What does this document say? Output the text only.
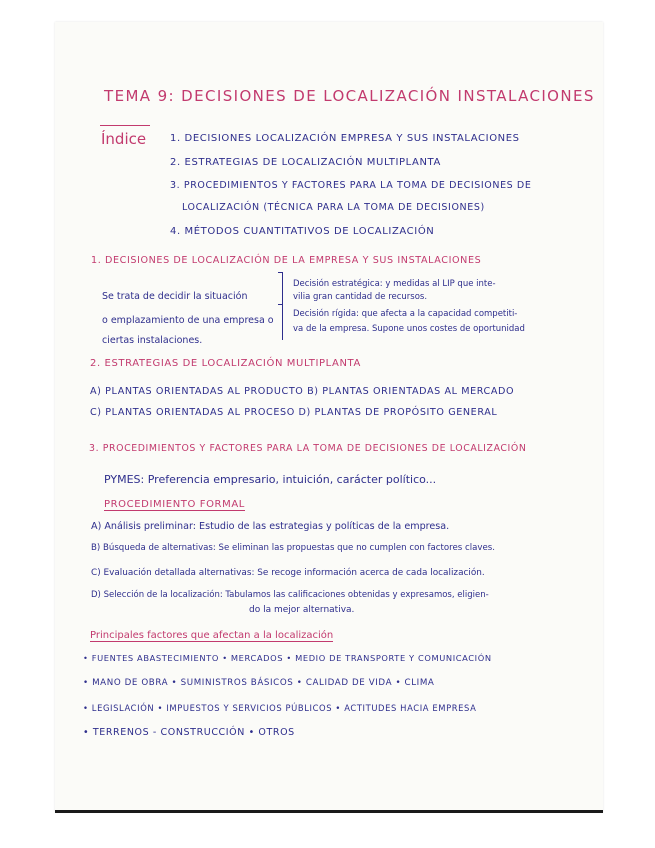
TEMA 9: DECISIONES DE LOCALIZACIÓN INSTALACIONES
Índice 1. DECISIONES LOCALIZACIÓN EMPRESA Y SUS INSTALACIONES
2. ESTRATEGIAS DE LOCALIZACIÓN MULTIPLANTA
3. PROCEDIMIENTOS Y FACTORES PARA LA TOMA DE DECISIONES DE
LOCALIZACIÓN (TÉCNICA PARA LA TOMA DE DECISIONES)
4. MÉTODOS CUANTITATIVOS DE LOCALIZACIÓN
1. DECISIONES DE LOCALIZACIÓN DE LA EMPRESA Y SUS INSTALACIONES
Se trata de decidir la situación
o emplazamiento de una empresa o
ciertas instalaciones.
Decisión estratégica: y medidas al LIP que inte-
vilia gran cantidad de recursos.
Decisión rígida: que afecta a la capacidad competiti-
va de la empresa. Supone unos costes de oportunidad
2. ESTRATEGIAS DE LOCALIZACIÓN MULTIPLANTA
A) PLANTAS ORIENTADAS AL PRODUCTO B) PLANTAS ORIENTADAS AL MERCADO
C) PLANTAS ORIENTADAS AL PROCESO D) PLANTAS DE PROPÓSITO GENERAL
3. PROCEDIMIENTOS Y FACTORES PARA LA TOMA DE DECISIONES DE LOCALIZACIÓN
PYMES: Preferencia empresario, intuición, carácter político...
PROCEDIMIENTO FORMAL
A) Análisis preliminar: Estudio de las estrategias y políticas de la empresa.
B) Búsqueda de alternativas: Se eliminan las propuestas que no cumplen con factores claves.
C) Evaluación detallada alternativas: Se recoge información acerca de cada localización.
D) Selección de la localización: Tabulamos las calificaciones obtenidas y expresamos, eligien-
do la mejor alternativa.
Principales factores que afectan a la localización
• FUENTES ABASTECIMIENTO • MERCADOS • MEDIO DE TRANSPORTE Y COMUNICACIÓN
• MANO DE OBRA • SUMINISTROS BÁSICOS • CALIDAD DE VIDA • CLIMA
• LEGISLACIÓN • IMPUESTOS Y SERVICIOS PÚBLICOS • ACTITUDES HACIA EMPRESA
• TERRENOS - CONSTRUCCIÓN • OTROS
